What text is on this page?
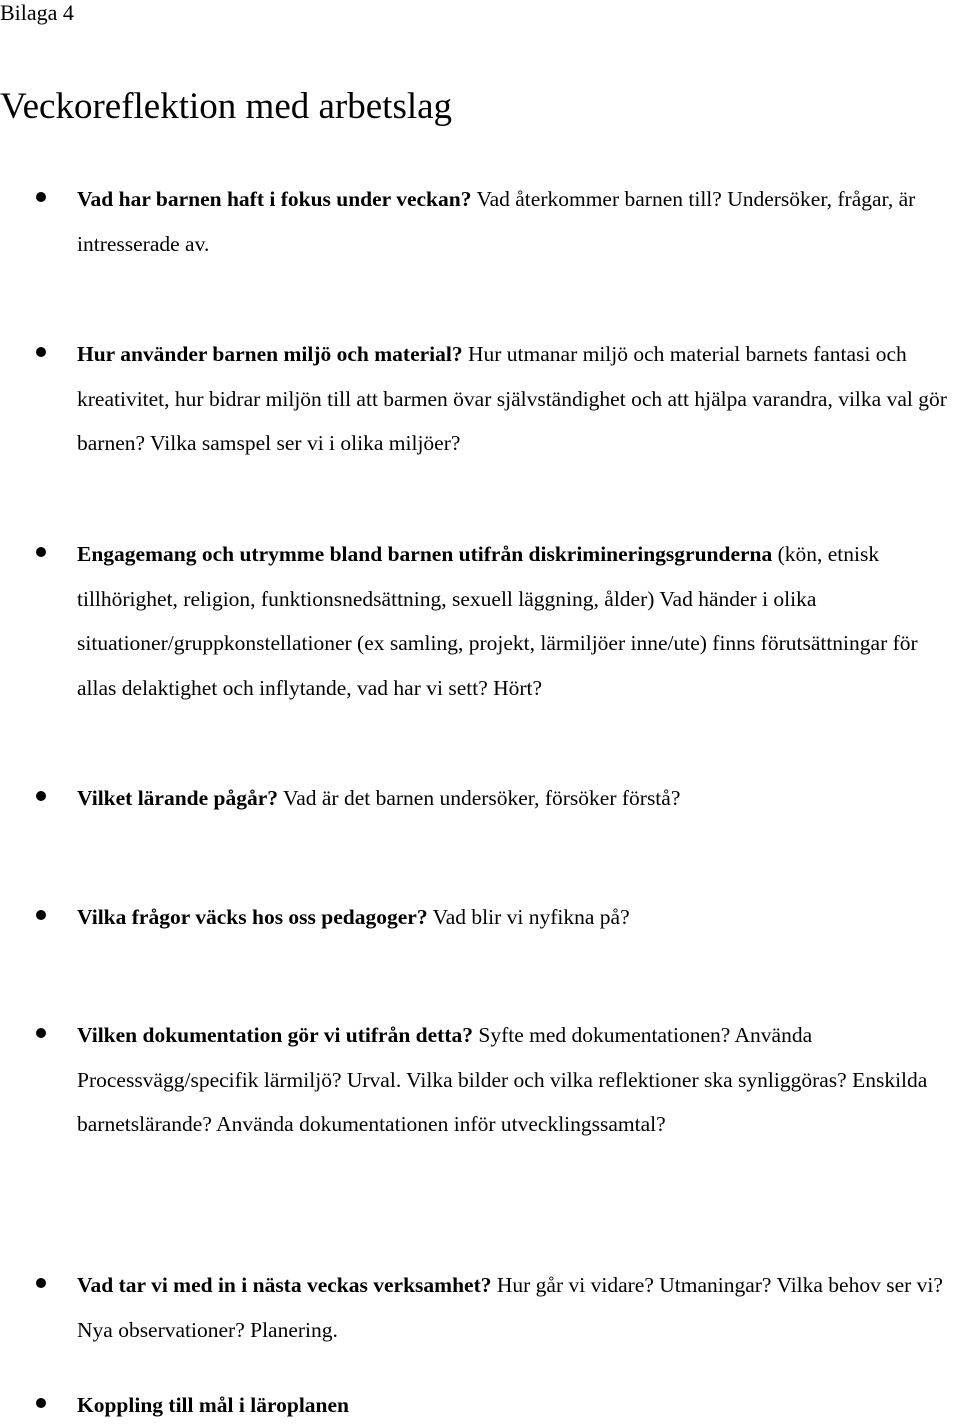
Bilaga 4
Veckoreflektion med arbetslag

Vad har barnen haft i fokus under veckan? Vad återkommer barnen till? Undersöker, frågar, är intresserade av.

Hur använder barnen miljö och material? Hur utmanar miljö och material barnets fantasi och kreativitet, hur bidrar miljön till att barmen övar självständighet och att hjälpa varandra, vilka val gör barnen? Vilka samspel ser vi i olika miljöer?

Engagemang och utrymme bland barnen utifrån diskrimineringsgrunderna (kön, etnisk tillhörighet, religion, funktionsnedsättning, sexuell läggning, ålder) Vad händer i olika situationer/gruppkonstellationer (ex samling, projekt, lärmiljöer inne/ute) finns förutsättningar för allas delaktighet och inflytande, vad har vi sett? Hört?

Vilket lärande pågår? Vad är det barnen undersöker, försöker förstå?

Vilka frågor väcks hos oss pedagoger? Vad blir vi nyfikna på?

Vilken dokumentation gör vi utifrån detta? Syfte med dokumentationen? Använda Processvägg/specifik lärmiljö? Urval. Vilka bilder och vilka reflektioner ska synliggöras? Enskilda barnetslärande? Använda dokumentationen inför utvecklingssamtal?

Vad tar vi med in i nästa veckas verksamhet? Hur går vi vidare? Utmaningar? Vilka behov ser vi? Nya observationer? Planering.

Koppling till mål i läroplanen
